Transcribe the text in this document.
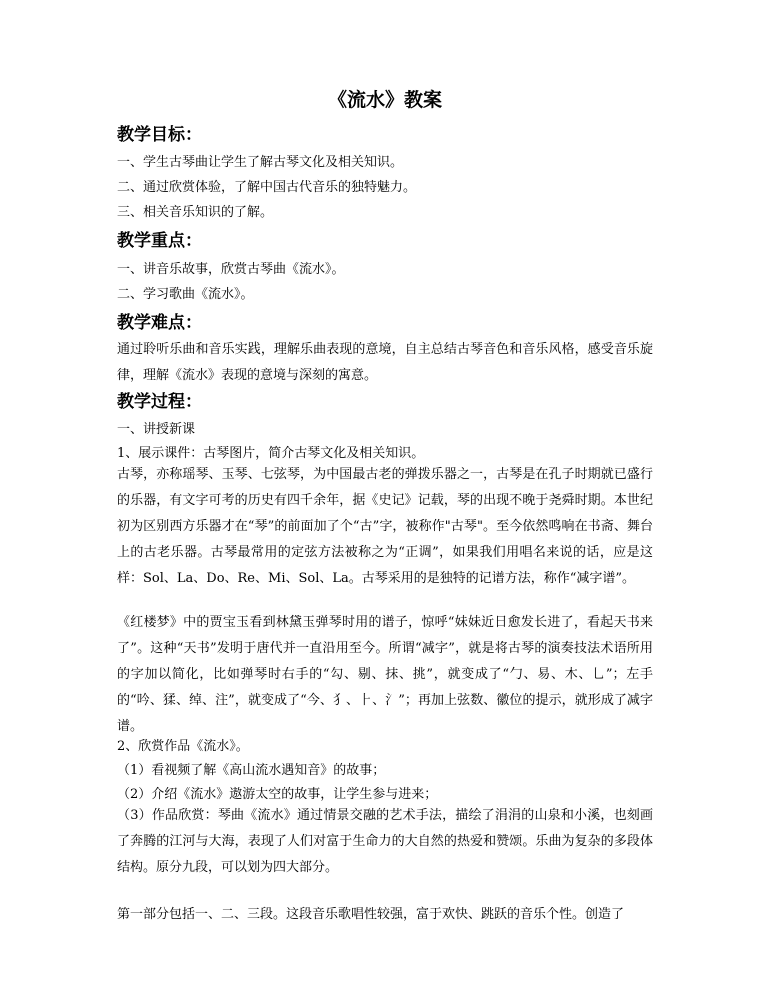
《流水》教案
教学目标：
一、学生古琴曲让学生了解古琴文化及相关知识。
二、通过欣赏体验，了解中国古代音乐的独特魅力。
三、相关音乐知识的了解。
教学重点：
一、讲音乐故事，欣赏古琴曲《流水》。
二、学习歌曲《流水》。
教学难点：
通过聆听乐曲和音乐实践，理解乐曲表现的意境，自主总结古琴音色和音乐风格，感受音乐旋律，理解《流水》表现的意境与深刻的寓意。
教学过程：
一、讲授新课
1、展示课件：古琴图片，简介古琴文化及相关知识。
古琴，亦称瑶琴、玉琴、七弦琴，为中国最古老的弹拨乐器之一，古琴是在孔子时期就已盛行的乐器，有文字可考的历史有四千余年，据《史记》记载，琴的出现不晚于尧舜时期。本世纪初为区别西方乐器才在“琴”的前面加了个“古”字，被称作"古琴"。至今依然鸣响在书斋、舞台上的古老乐器。古琴最常用的定弦方法被称之为“正调”，如果我们用唱名来说的话，应是这样：Sol、La、Do、Re、Mi、Sol、La。古琴采用的是独特的记谱方法，称作“减字谱”。
《红楼梦》中的贾宝玉看到林黛玉弹琴时用的谱子，惊呼“妹妹近日愈发长进了，看起天书来了”。这种“天书”发明于唐代并一直沿用至今。所谓“减字”，就是将古琴的演奏技法术语所用的字加以简化，比如弹琴时右手的“勾、剔、抹、挑”，就变成了“勹、易、木、乚”；左手的“吟、猱、绰、注”，就变成了“今、犭、⺊、氵”；再加上弦数、徽位的提示，就形成了减字谱。
2、欣赏作品《流水》。
（1）看视频了解《高山流水遇知音》的故事；
（2）介绍《流水》遨游太空的故事，让学生参与进来；
（3）作品欣赏：琴曲《流水》通过情景交融的艺术手法，描绘了涓涓的山泉和小溪，也刻画了奔腾的江河与大海，表现了人们对富于生命力的大自然的热爱和赞颂。乐曲为复杂的多段体结构。原分九段，可以划为四大部分。
第一部分包括一、二、三段。这段音乐歌唱性较强，富于欢快、跳跃的音乐个性。创造了
